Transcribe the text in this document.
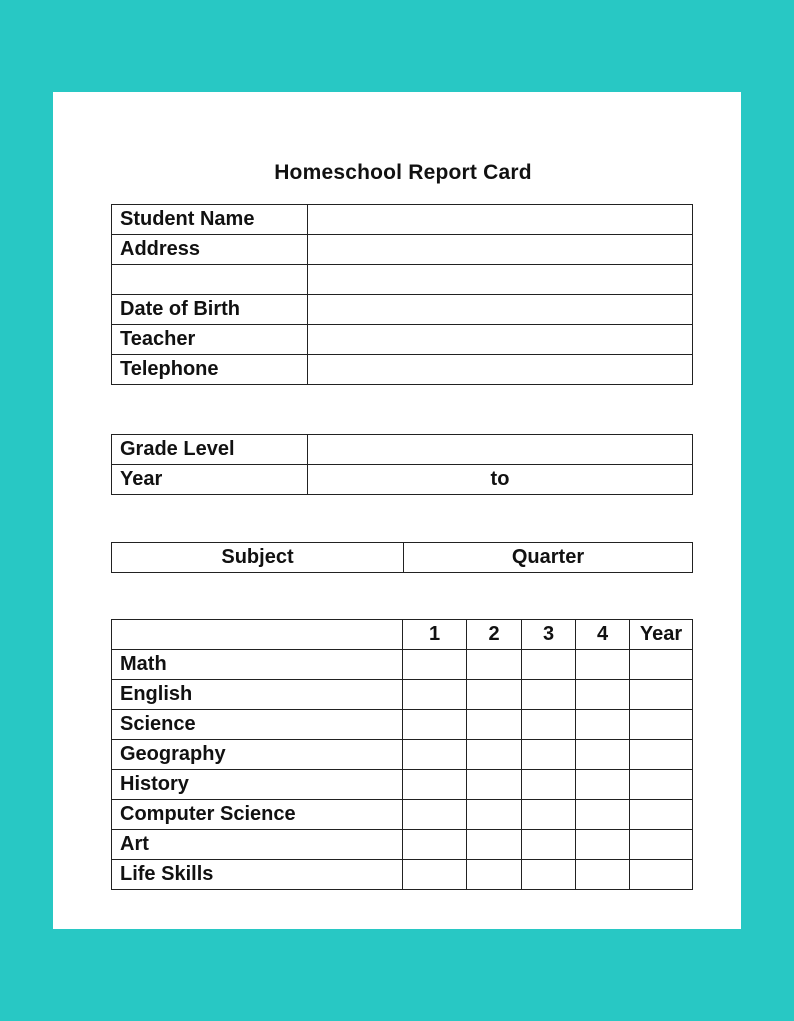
Homeschool Report Card
Student Name	
Address	

Date of Birth	
Teacher	
Telephone	
Grade Level	
Year	to
Subject	Quarter
	1	2	3	4	Year
Math					
English					
Science					
Geography					
History					
Computer Science					
Art					
Life Skills					
